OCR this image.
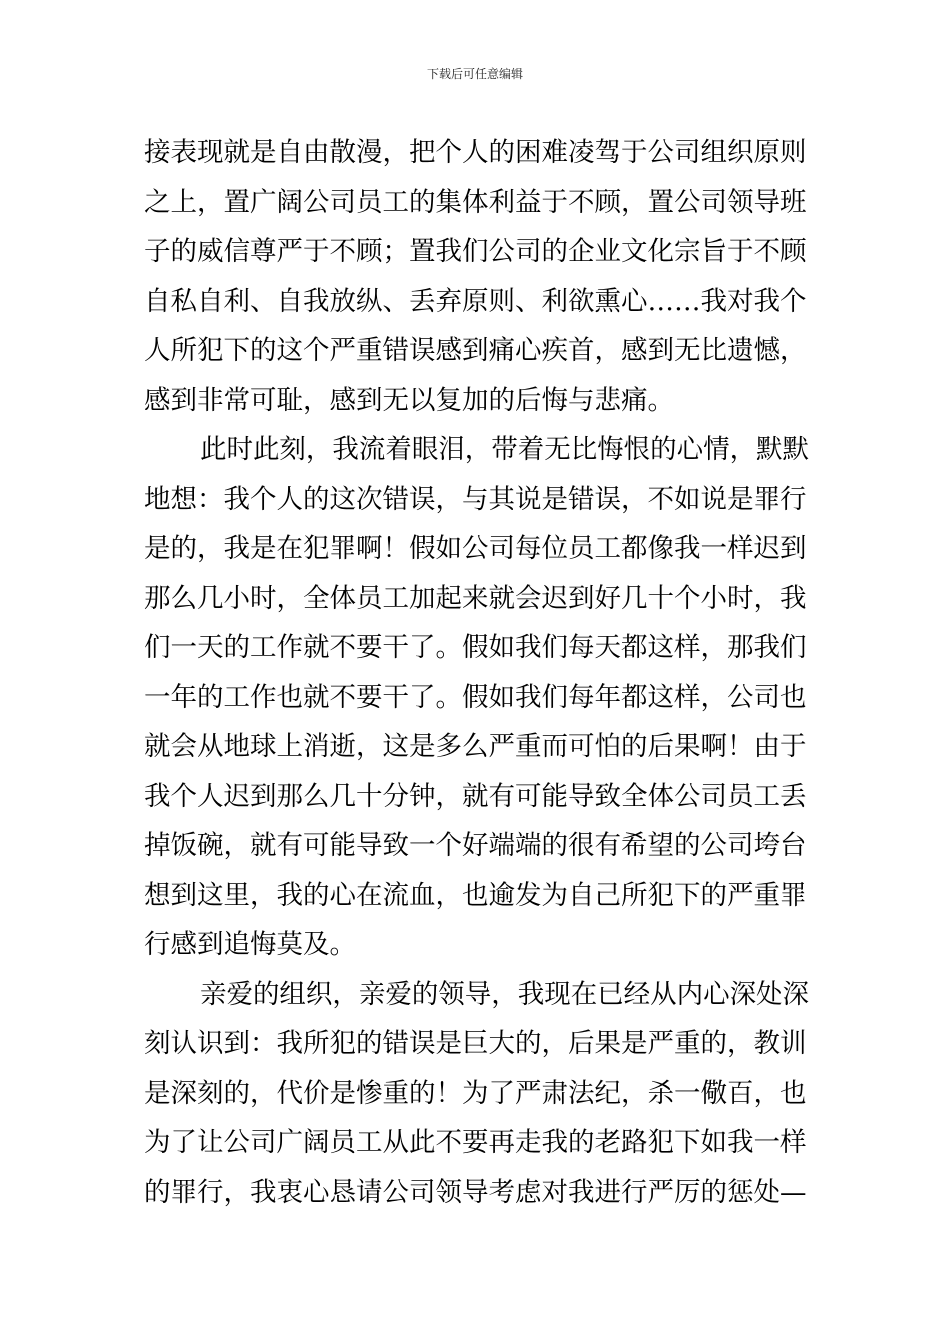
下载后可任意编辑
接表现就是自由散漫，把个人的困难凌驾于公司组织原则
之上，置广阔公司员工的集体利益于不顾，置公司领导班
子的威信尊严于不顾；置我们公司的企业文化宗旨于不顾
自私自利、自我放纵、丢弃原则、利欲熏心……我对我个
人所犯下的这个严重错误感到痛心疾首，感到无比遗憾，
感到非常可耻，感到无以复加的后悔与悲痛。
此时此刻，我流着眼泪，带着无比悔恨的心情，默默
地想：我个人的这次错误，与其说是错误，不如说是罪行
是的，我是在犯罪啊！假如公司每位员工都像我一样迟到
那么几小时，全体员工加起来就会迟到好几十个小时，我
们一天的工作就不要干了。假如我们每天都这样，那我们
一年的工作也就不要干了。假如我们每年都这样，公司也
就会从地球上消逝，这是多么严重而可怕的后果啊！由于
我个人迟到那么几十分钟，就有可能导致全体公司员工丢
掉饭碗，就有可能导致一个好端端的很有希望的公司垮台
想到这里，我的心在流血，也逾发为自己所犯下的严重罪
行感到追悔莫及。
亲爱的组织，亲爱的领导，我现在已经从内心深处深
刻认识到：我所犯的错误是巨大的，后果是严重的，教训
是深刻的，代价是惨重的！为了严肃法纪，杀一儆百，也
为了让公司广阔员工从此不要再走我的老路犯下如我一样
的罪行，我衷心恳请公司领导考虑对我进行严厉的惩处—
